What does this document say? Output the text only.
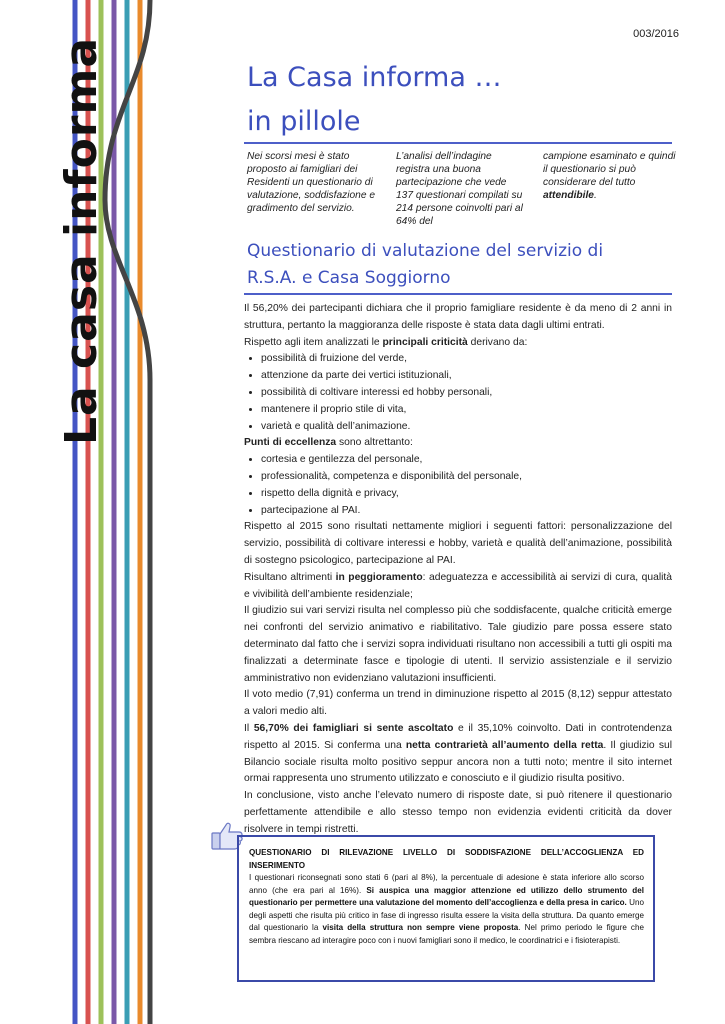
La casa informa
003/2016
La Casa informa …
in pillole
Nei scorsi mesi è stato proposto ai famigliari dei Residenti un questionario di valutazione, soddisfazione e gradimento del servizio.
L’analisi dell’indagine registra una buona partecipazione che vede 137 questionari compilati su 214 persone coinvolti pari al 64% del
campione esaminato e quindi il questionario si può considerare del tutto attendibile.
Questionario di valutazione del servizio di
R.S.A. e Casa Soggiorno

Il 56,20% dei partecipanti dichiara che il proprio famigliare residente è da meno di 2 anni in struttura, pertanto la maggioranza delle risposte è stata data dagli ultimi entrati.

Rispetto agli item analizzati le principali criticità derivano da:

• possibilità di fruizione del verde,
• attenzione da parte dei vertici istituzionali,
• possibilità di coltivare interessi ed hobby personali,
• mantenere il proprio stile di vita,
• varietà e qualità dell’animazione.

Punti di eccellenza sono altrettanto:

• cortesia e gentilezza del personale,
• professionalità, competenza e disponibilità del personale,
• rispetto della dignità e privacy,
• partecipazione al PAI.

Rispetto al 2015 sono risultati nettamente migliori i seguenti fattori: personalizzazione del servizio, possibilità di coltivare interessi e hobby, varietà e qualità dell’animazione, possibilità di sostegno psicologico, partecipazione al PAI.

Risultano altrimenti in peggioramento: adeguatezza e accessibilità ai servizi di cura, qualità e vivibilità dell’ambiente residenziale;

Il giudizio sui vari servizi risulta nel complesso più che soddisfacente, qualche criticità emerge nei confronti del servizio animativo e riabilitativo. Tale giudizio pare possa essere stato determinato dal fatto che i servizi sopra individuati risultano non accessibili a tutti gli ospiti ma finalizzati a determinate fasce e tipologie di utenti. Il servizio assistenziale e il servizio amministrativo non evidenziano valutazioni insufficienti.

Il voto medio (7,91) conferma un trend in diminuzione rispetto al 2015 (8,12) seppur attestato a valori medio alti.

Il 56,70% dei famigliari si sente ascoltato e il 35,10% coinvolto. Dati in controtendenza rispetto al 2015. Si conferma una netta contrarietà all’aumento della retta. Il giudizio sul Bilancio sociale risulta molto positivo seppur ancora non a tutti noto; mentre il sito internet ormai rappresenta uno strumento utilizzato e conosciuto e il giudizio risulta positivo.

In conclusione, visto anche l’elevato numero di risposte date, si può ritenere il questionario perfettamente attendibile e allo stesso tempo non evidenzia evidenti criticità da dover risolvere in tempi ristretti.

QUESTIONARIO DI RILEVAZIONE LIVELLO DI SODDISFAZIONE DELL’ACCOGLIENZA ED INSERIMENTO

I questionari riconsegnati sono stati 6 (pari al 8%), la percentuale di adesione è stata inferiore allo scorso anno (che era pari al 16%). Si auspica una maggior attenzione ed utilizzo dello strumento del questionario per permettere una valutazione del momento dell’accoglienza e della presa in carico. Uno degli aspetti che risulta più critico in fase di ingresso risulta essere la visita della struttura. Da quanto emerge dal questionario la visita della struttura non sempre viene proposta. Nel primo periodo le figure che sembra riescano ad interagire poco con i nuovi famigliari sono il medico, le coordinatrici e i fisioterapisti.
